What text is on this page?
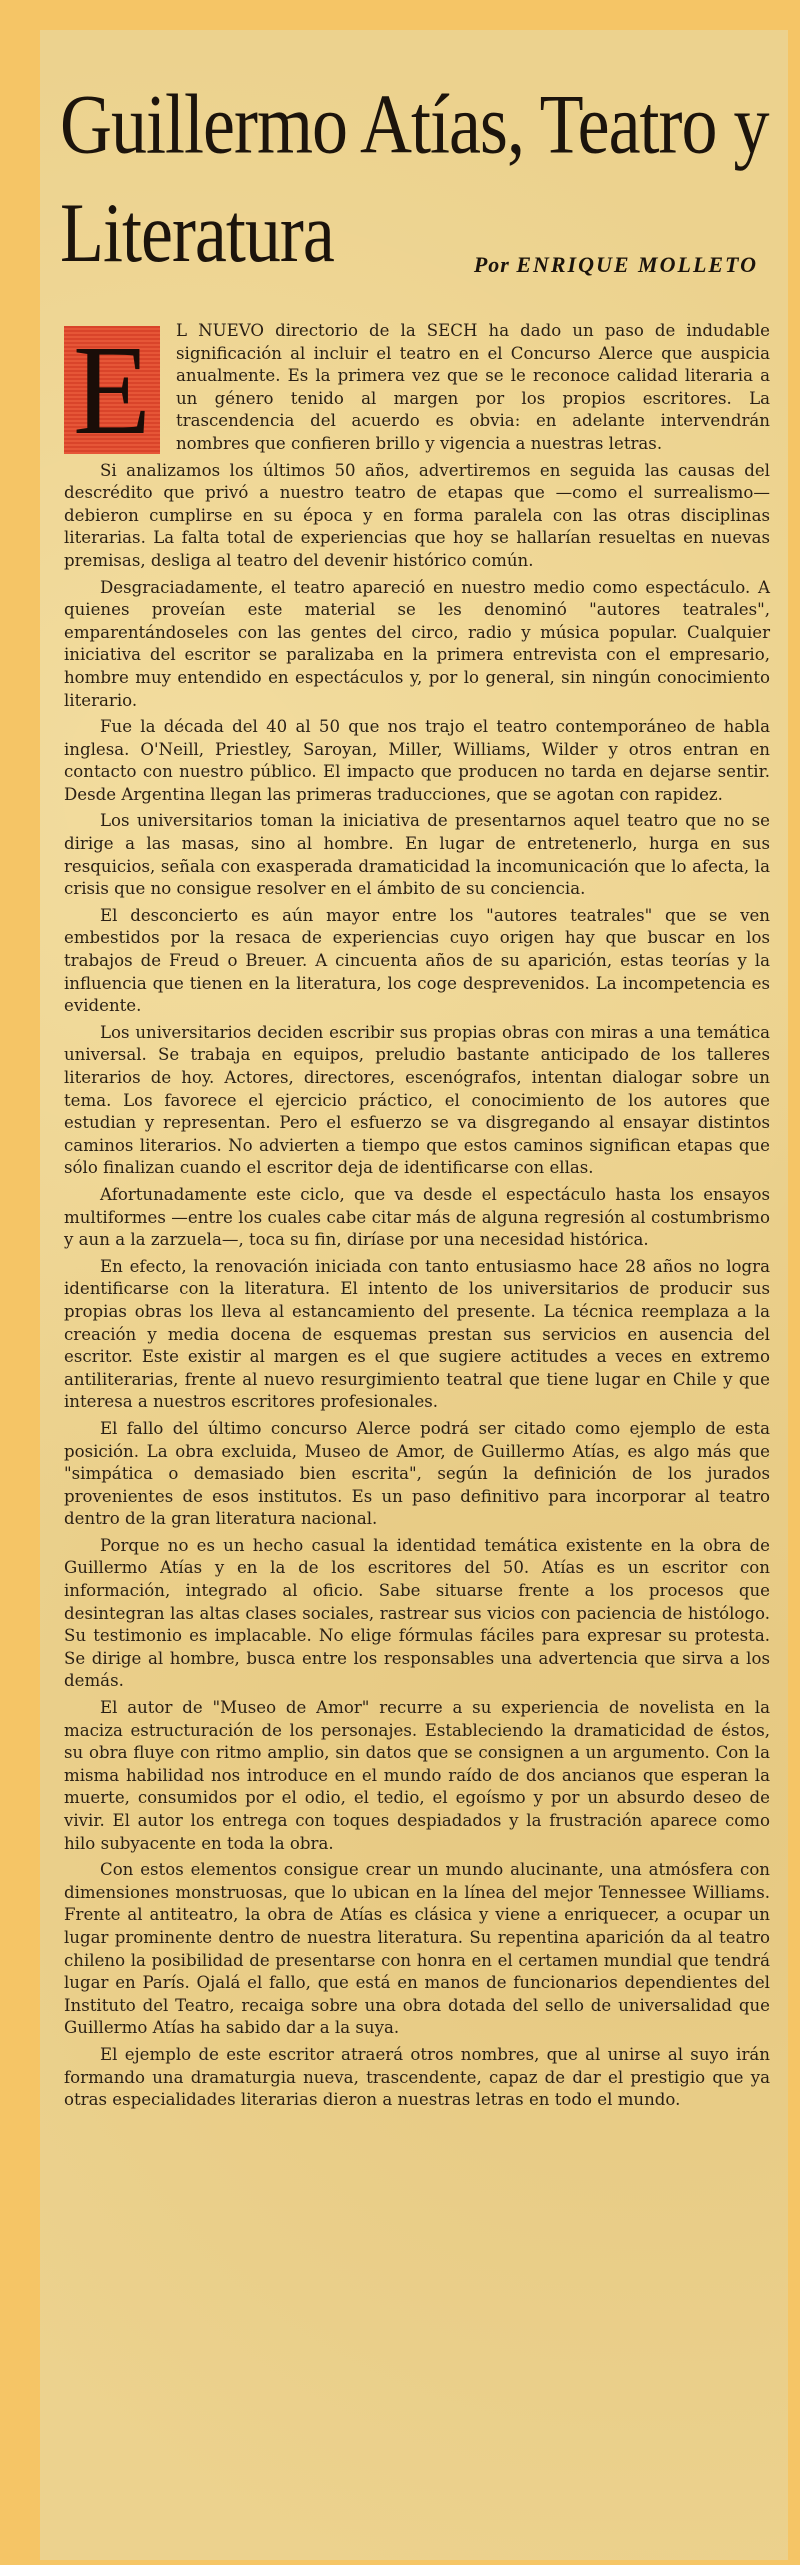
Guillermo Atías, Teatro y Literatura	Por ENRIQUE MOLLETO

E	L NUEVO directorio de la SECH ha dado un paso de indudable significación al incluir el teatro en el Concurso Alerce que auspicia anualmente. Es la primera vez que se le reconoce calidad literaria a un género tenido al margen por los propios escritores. La trascendencia del acuerdo es obvia: en adelante intervendrán nombres que confieren brillo y vigencia a nuestras letras.

Si analizamos los últimos 50 años, advertiremos en seguida las causas del descrédito que privó a nuestro teatro de etapas que —como el surrealismo— debieron cumplirse en su época y en forma paralela con las otras disciplinas literarias. La falta total de experiencias que hoy se hallarían resueltas en nuevas premisas, desliga al teatro del devenir histórico común.

Desgraciadamente, el teatro apareció en nuestro medio como espectáculo. A quienes proveían este material se les denominó "autores teatrales", emparentándoseles con las gentes del circo, radio y música popular. Cualquier iniciativa del escritor se paralizaba en la primera entrevista con el empresario, hombre muy entendido en espectáculos y, por lo general, sin ningún conocimiento literario.

Fue la década del 40 al 50 que nos trajo el teatro contemporáneo de habla inglesa. O'Neill, Priestley, Saroyan, Miller, Williams, Wilder y otros entran en contacto con nuestro público. El impacto que producen no tarda en dejarse sentir. Desde Argentina llegan las primeras traducciones, que se agotan con rapidez.

Los universitarios toman la iniciativa de presentarnos aquel teatro que no se dirige a las masas, sino al hombre. En lugar de entretenerlo, hurga en sus resquicios, señala con exasperada dramaticidad la incomunicación que lo afecta, la crisis que no consigue resolver en el ámbito de su conciencia.

El desconcierto es aún mayor entre los "autores teatrales" que se ven embestidos por la resaca de experiencias cuyo origen hay que buscar en los trabajos de Freud o Breuer. A cincuenta años de su aparición, estas teorías y la influencia que tienen en la literatura, los coge desprevenidos. La incompetencia es evidente.

Los universitarios deciden escribir sus propias obras con miras a una temática universal. Se trabaja en equipos, preludio bastante anticipado de los talleres literarios de hoy. Actores, directores, escenógrafos, intentan dialogar sobre un tema. Los favorece el ejercicio práctico, el conocimiento de los autores que estudian y representan. Pero el esfuerzo se va disgregando al ensayar distintos caminos literarios. No advierten a tiempo que estos caminos significan etapas que sólo finalizan cuando el escritor deja de identificarse con ellas.

Afortunadamente este ciclo, que va desde el espectáculo hasta los ensayos multiformes —entre los cuales cabe citar más de alguna regresión al costumbrismo y aun a la zarzuela—, toca su fin, diríase por una necesidad histórica.

En efecto, la renovación iniciada con tanto entusiasmo hace 28 años no logra identificarse con la literatura. El intento de los universitarios de producir sus propias obras los lleva al estancamiento del presente. La técnica reemplaza a la creación y media docena de esquemas prestan sus servicios en ausencia del escritor. Este existir al margen es el que sugiere actitudes a veces en extremo antiliterarias, frente al nuevo resurgimiento teatral que tiene lugar en Chile y que interesa a nuestros escritores profesionales.

El fallo del último concurso Alerce podrá ser citado como ejemplo de esta posición. La obra excluida, Museo de Amor, de Guillermo Atías, es algo más que "simpática o demasiado bien escrita", según la definición de los jurados provenientes de esos institutos. Es un paso definitivo para incorporar al teatro dentro de la gran literatura nacional.

Porque no es un hecho casual la identidad temática existente en la obra de Guillermo Atías y en la de los escritores del 50. Atías es un escritor con información, integrado al oficio. Sabe situarse frente a los procesos que desintegran las altas clases sociales, rastrear sus vicios con paciencia de histólogo. Su testimonio es implacable. No elige fórmulas fáciles para expresar su protesta. Se dirige al hombre, busca entre los responsables una advertencia que sirva a los demás.

El autor de "Museo de Amor" recurre a su experiencia de novelista en la maciza estructuración de los personajes. Estableciendo la dramaticidad de éstos, su obra fluye con ritmo amplio, sin datos que se consignen a un argumento. Con la misma habilidad nos introduce en el mundo raído de dos ancianos que esperan la muerte, consumidos por el odio, el tedio, el egoísmo y por un absurdo deseo de vivir. El autor los entrega con toques despiadados y la frustración aparece como hilo subyacente en toda la obra.

Con estos elementos consigue crear un mundo alucinante, una atmósfera con dimensiones monstruosas, que lo ubican en la línea del mejor Tennessee Williams. Frente al antiteatro, la obra de Atías es clásica y viene a enriquecer, a ocupar un lugar prominente dentro de nuestra literatura. Su repentina aparición da al teatro chileno la posibilidad de presentarse con honra en el certamen mundial que tendrá lugar en París. Ojalá el fallo, que está en manos de funcionarios dependientes del Instituto del Teatro, recaiga sobre una obra dotada del sello de universalidad que Guillermo Atías ha sabido dar a la suya.

El ejemplo de este escritor atraerá otros nombres, que al unirse al suyo irán formando una dramaturgia nueva, trascendente, capaz de dar el prestigio que ya otras especialidades literarias dieron a nuestras letras en todo el mundo.
